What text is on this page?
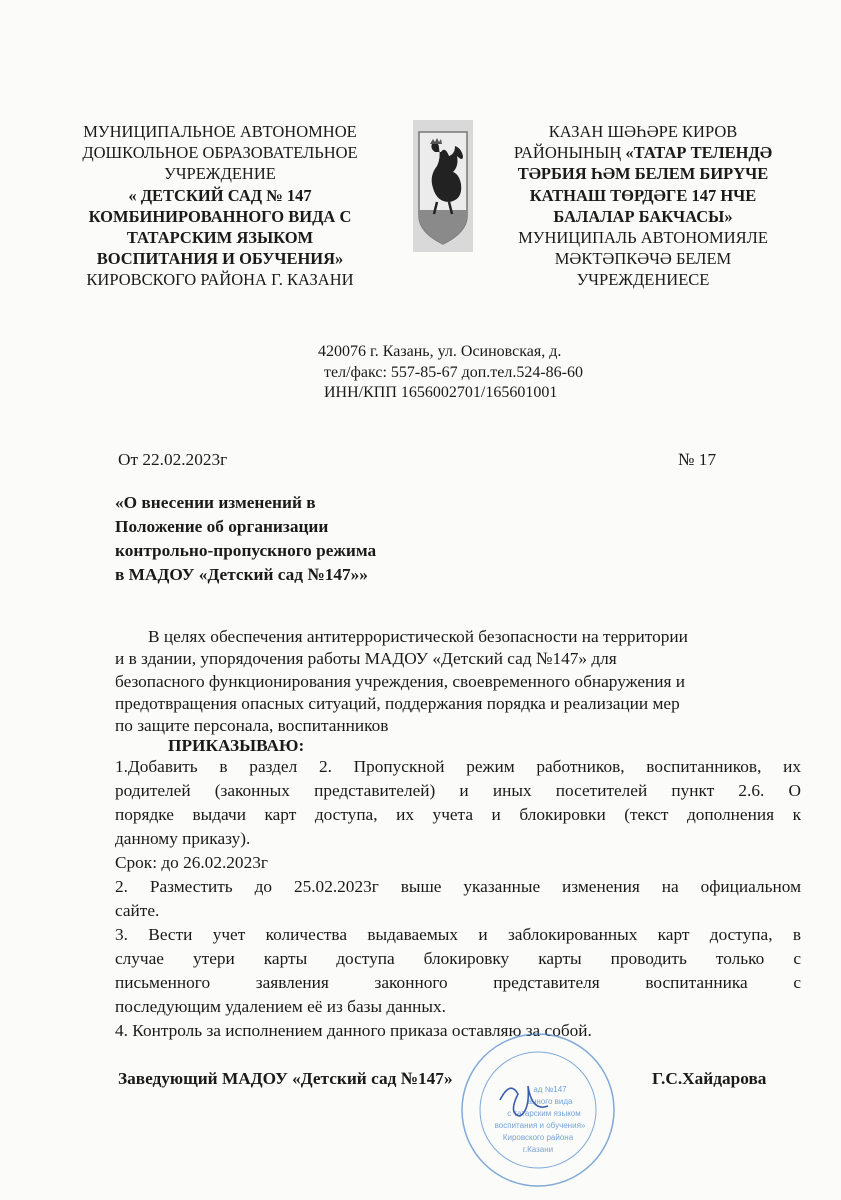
МУНИЦИПАЛЬНОЕ АВТОНОМНОЕ
ДОШКОЛЬНОЕ ОБРАЗОВАТЕЛЬНОЕ
УЧРЕЖДЕНИЕ
« ДЕТСКИЙ САД № 147
КОМБИНИРОВАННОГО ВИДА С
ТАТАРСКИМ ЯЗЫКОМ
ВОСПИТАНИЯ И ОБУЧЕНИЯ»
КИРОВСКОГО РАЙОНА Г. КАЗАНИ
КАЗАН ШӘҺӘРЕ КИРОВ
РАЙОНЫНЫҢ «ТАТАР ТЕЛЕНДӘ
ТӘРБИЯ ҺӘМ БЕЛЕМ БИРҮЧЕ
КАТНАШ ТӨРДӘГЕ 147 НЧЕ
БАЛАЛАР БАКЧАСЫ»
МУНИЦИПАЛЬ АВТОНОМИЯЛЕ
МӘКТӘПКӘЧӘ БЕЛЕМ
УЧРЕЖДЕНИЕСЕ
420076 г. Казань, ул. Осиновская, д.
тел/факс: 557-85-67 доп.тел.524-86-60
ИНН/КПП 1656002701/165601001
От 22.02.2023г	№ 17
«О внесении изменений в
Положение об организации
контрольно-пропускного режима
в МАДОУ «Детский сад №147»»
В целях обеспечения антитеррористической безопасности на территории
и в здании, упорядочения работы МАДОУ «Детский сад №147» для
безопасного функционирования учреждения, своевременного обнаружения и
предотвращения опасных ситуаций, поддержания порядка и реализации мер
по защите персонала, воспитанников
ПРИКАЗЫВАЮ:
1.Добавить в раздел 2. Пропускной режим работников, воспитанников, их
родителей (законных представителей) и иных посетителей пункт 2.6. О
порядке выдачи карт доступа, их учета и блокировки (текст дополнения к
данному приказу).
Срок: до 26.02.2023г
2. Разместить до 25.02.2023г выше указанные изменения на официальном
сайте.
3. Вести учет количества выдаваемых и заблокированных карт доступа, в
случае утери карты доступа блокировку карты проводить только с
письменного заявления законного представителя воспитанника с
последующим удалением её из базы данных.
4. Контроль за исполнением данного приказа оставляю за собой.
Заведующий МАДОУ «Детский сад №147»	Г.С.Хайдарова
ад №147
анного вида
с татарским языком
воспитания и обучения»
Кировского района
г.Казани
